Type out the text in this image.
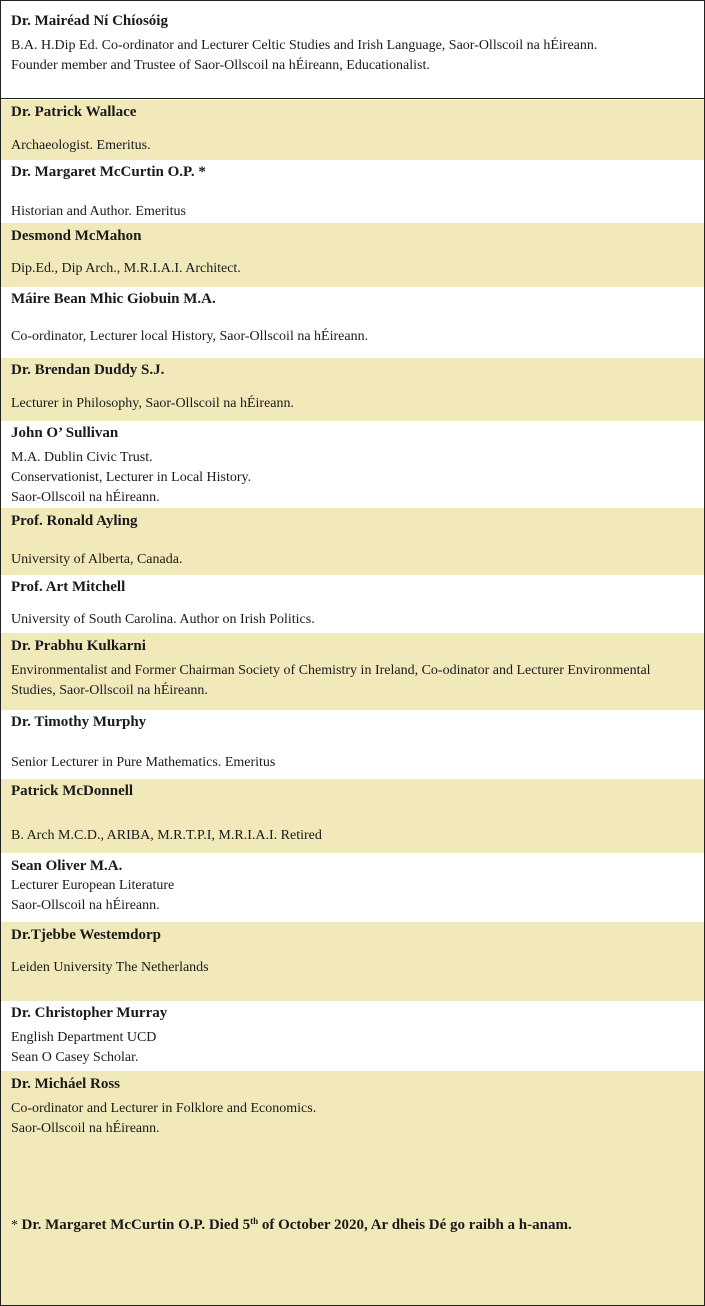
Dr. Mairéad Ní Chíosóig
B.A. H.Dip Ed. Co-ordinator and Lecturer Celtic Studies and Irish Language, Saor-Ollscoil na hÉireann.
Founder member and Trustee of Saor-Ollscoil na hÉireann, Educationalist.
Dr. Patrick Wallace
Archaeologist. Emeritus.
Dr. Margaret McCurtin O.P. *
Historian and Author. Emeritus
Desmond McMahon
Dip.Ed., Dip Arch., M.R.I.A.I. Architect.
Máire Bean Mhic Giobuin M.A.
Co-ordinator, Lecturer local History, Saor-Ollscoil na hÉireann.
Dr. Brendan Duddy S.J.
Lecturer in Philosophy, Saor-Ollscoil na hÉireann.
John O’ Sullivan
M.A. Dublin Civic Trust.
Conservationist, Lecturer in Local History.
Saor-Ollscoil na hÉireann.
Prof. Ronald Ayling
University of Alberta, Canada.
Prof. Art Mitchell
University of South Carolina. Author on Irish Politics.
Dr. Prabhu Kulkarni
Environmentalist and Former Chairman Society of Chemistry in Ireland, Co-odinator and Lecturer Environmental Studies, Saor-Ollscoil na hÉireann.
Dr. Timothy Murphy
Senior Lecturer in Pure Mathematics. Emeritus
Patrick McDonnell
B. Arch M.C.D., ARIBA, M.R.T.P.I, M.R.I.A.I. Retired
Sean Oliver M.A.
Lecturer European Literature
Saor-Ollscoil na hÉireann.
Dr.Tjebbe Westemdorp
Leiden University The Netherlands
Dr. Christopher Murray
English Department UCD
Sean O Casey Scholar.
Dr. Micháel Ross
Co-ordinator and Lecturer in Folklore and Economics.
Saor-Ollscoil na hÉireann.
* Dr. Margaret McCurtin O.P. Died 5th of October 2020, Ar dheis Dé go raibh a h-anam.
